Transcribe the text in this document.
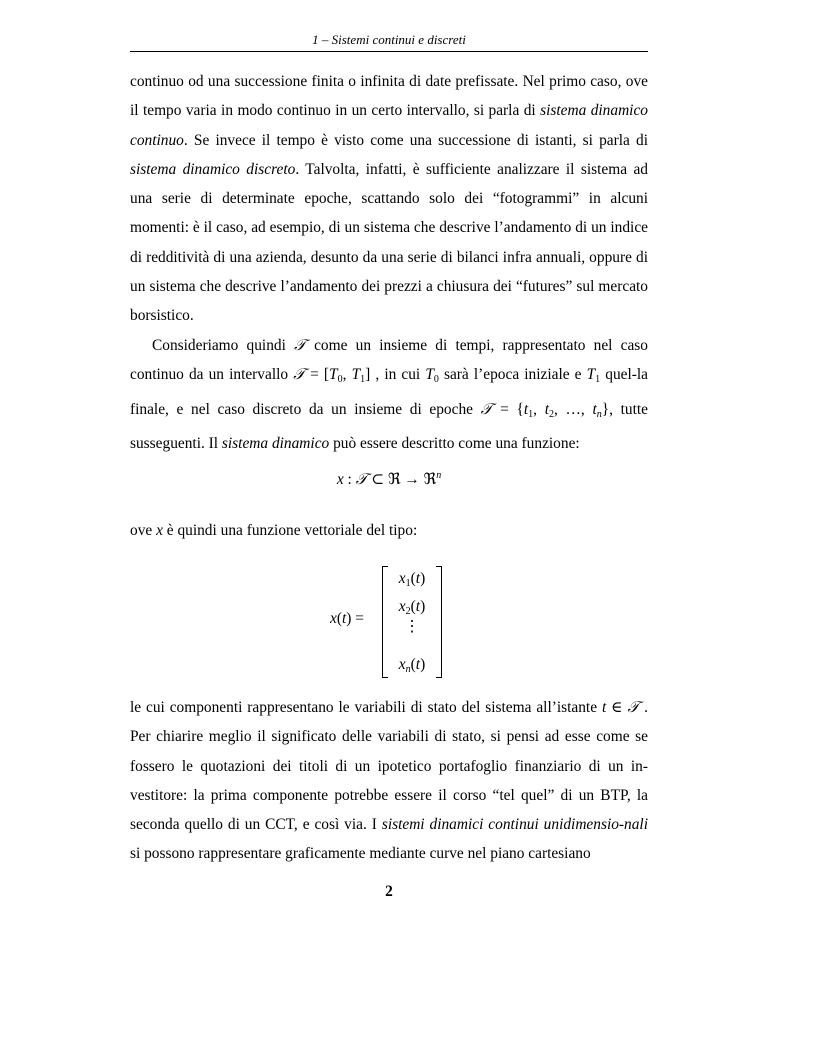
1 – Sistemi continui e discreti

continuo od una successione finita o infinita di date prefissate. Nel primo caso, ove il tempo varia in modo continuo in un certo intervallo, si parla di sistema dinamico continuo. Se invece il tempo è visto come una successione di istanti, si parla di sistema dinamico discreto. Talvolta, infatti, è sufficiente analizzare il sistema ad una serie di determinate epoche, scattando solo dei “fotogrammi” in alcuni momenti: è il caso, ad esempio, di un sistema che descrive l’andamento di un indice di redditività di una azienda, desunto da una serie di bilanci infra annuali, oppure di un sistema che descrive l’andamento dei prezzi a chiusura dei “futures” sul mercato borsistico.

Consideriamo quindi 𝒯 come un insieme di tempi, rappresentato nel caso continuo da un intervallo 𝒯 = [$T_0$, $T_1$] , in cui $T_0$ sarà l’epoca iniziale e $T_1$ quel-la finale, e nel caso discreto da un insieme di epoche 𝒯 = {$t_1$, $t_2$, …, tn}, tutte susseguenti. Il sistema dinamico può essere descritto come una funzione:

x : 𝒯 ⊂ ℜ → ℜ$^n$

ove x è quindi una funzione vettoriale del tipo:

x(t) =
$x_1(t)$
$x_2(t)$
⋮
xn(t)

le cui componenti rappresentano le variabili di stato del sistema all’istante t ∈ 𝒯 . Per chiarire meglio il significato delle variabili di stato, si pensi ad esse come se fossero le quotazioni dei titoli di un ipotetico portafoglio finanziario di un in-vestitore: la prima componente potrebbe essere il corso “tel quel” di un BTP, la seconda quello di un CCT, e così via. I sistemi dinamici continui unidimensio-nali si possono rappresentare graficamente mediante curve nel piano cartesiano

2
